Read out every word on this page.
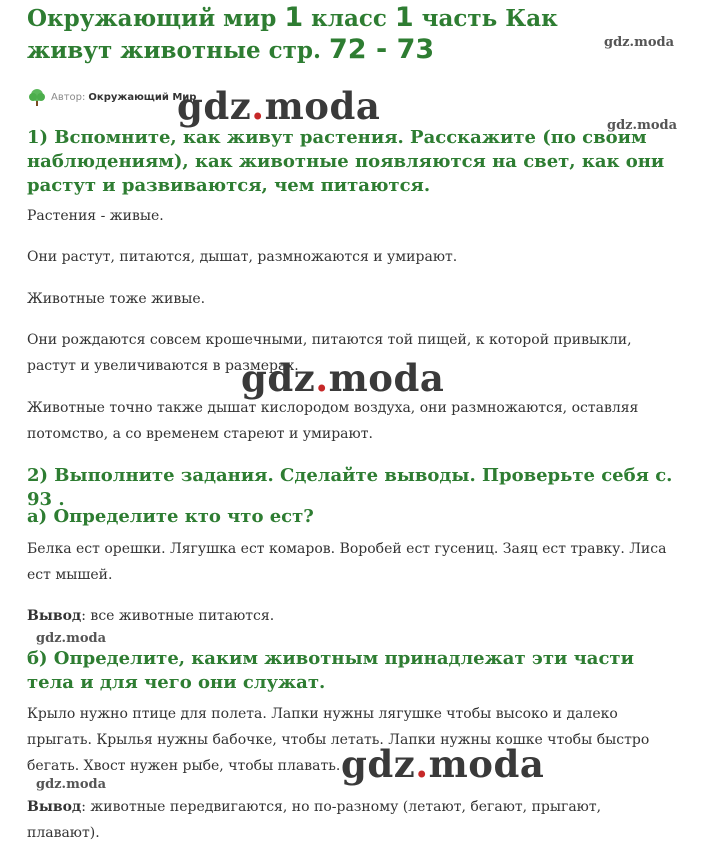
Окружающий мир 1 класс 1 часть Как живут животные стр. 72 - 73	gdz.moda
Автор: Окружающий Мир
gdz.moda	gdz.moda
1) Вспомните, как живут растения. Расскажите (по своим наблюдениям), как животные появляются на свет, как они растут и развиваются, чем питаются.

Растения - живые.

Они растут, питаются, дышат, размножаются и умирают.

Животные тоже живые.

Они рождаются совсем крошечными, питаются той пищей, к которой привыкли, растут и увеличиваются в размерах.

gdz.moda

Животные точно также дышат кислородом воздуха, они размножаются, оставляя потомство, а со временем стареют и умирают.

2) Выполните задания. Сделайте выводы. Проверьте себя с. 93 .
а) Определите кто что ест?

Белка ест орешки. Лягушка ест комаров. Воробей ест гусениц. Заяц ест травку. Лиса ест мышей.

Вывод: все животные питаются.

gdz.moda
б) Определите, каким животным принадлежат эти части тела и для чего они служат.

Крыло нужно птице для полета. Лапки нужны лягушке чтобы высоко и далеко прыгать. Крылья нужны бабочке, чтобы летать. Лапки нужны кошке чтобы быстро бегать. Хвост нужен рыбе, чтобы плавать. gdz.moda
gdz.moda

Вывод: животные передвигаются, но по-разному (летают, бегают, прыгают, плавают).
